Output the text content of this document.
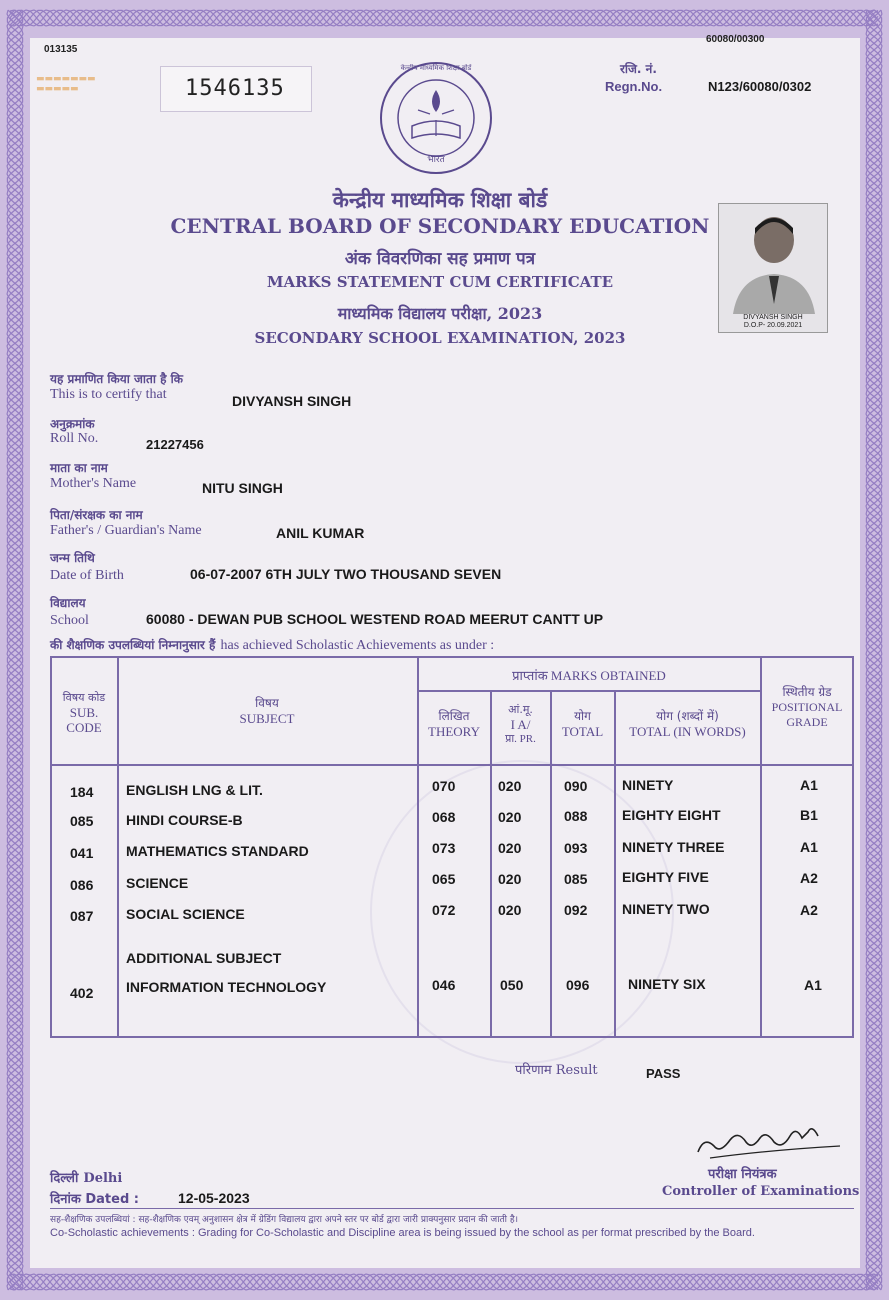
013135
60080/00300
▬▬▬▬▬▬▬
▬▬▬▬▬	1546135
केन्द्रीय माध्यमिक शिक्षा बोर्ड
भारत
रजि. नं.
Regn.No.	N123/60080/0302
केन्द्रीय माध्यमिक शिक्षा बोर्ड
CENTRAL BOARD OF SECONDARY EDUCATION
अंक विवरणिका सह प्रमाण पत्र
MARKS STATEMENT CUM CERTIFICATE
माध्यमिक विद्यालय परीक्षा, 2023
SECONDARY SCHOOL EXAMINATION, 2023
DIVYANSH SINGH
D.O.P- 20.09.2021
यह प्रमाणित किया जाता है कि
This is to certify that	DIVYANSH SINGH
अनुक्रमांक
Roll No.	21227456
माता का नाम
Mother's Name	NITU SINGH
पिता/संरक्षक का नाम
Father's / Guardian's Name	ANIL KUMAR
जन्म तिथि
Date of Birth	06-07-2007 6TH JULY TWO THOUSAND SEVEN
विद्यालय
School	60080 - DEWAN PUB SCHOOL WESTEND ROAD MEERUT CANTT UP
की शैक्षणिक उपलब्धियां निम्नानुसार हैं has achieved Scholastic Achievements as under :
विषय कोड
SUB.
CODE
विषय
SUBJECT
प्राप्तांक MARKS OBTAINED
लिखित
THEORY
आं.मू.
I A/
प्रा. PR.
योग
TOTAL
योग (शब्दों में)
TOTAL (IN WORDS)
स्थितीय ग्रेड
POSITIONAL
GRADE
184 ENGLISH LNG & LIT.	070	020	090 NINETY	A1
085 HINDI COURSE-B	068	020	088 EIGHTY EIGHT	B1
041 MATHEMATICS STANDARD	073	020	093 NINETY THREE	A1
086 SCIENCE	065	020	085 EIGHTY FIVE	A2
087 SOCIAL SCIENCE	072	020	092 NINETY TWO	A2
ADDITIONAL SUBJECT
402 INFORMATION TECHNOLOGY	046	050	096	NINETY SIX	A1
परिणाम Result	PASS
परीक्षा नियंत्रक
Controller of Examinations
दिल्ली Delhi
दिनांक Dated :	12-05-2023
सह-शैक्षणिक उपलब्धियां : सह-शैक्षणिक एवम् अनुशासन क्षेत्र में ग्रेडिंग विद्यालय द्वारा अपने स्तर पर बोर्ड द्वारा जारी प्राक्पनुसार प्रदान की जाती है।
Co-Scholastic achievements : Grading for Co-Scholastic and Discipline area is being issued by the school as per format prescribed by the Board.
